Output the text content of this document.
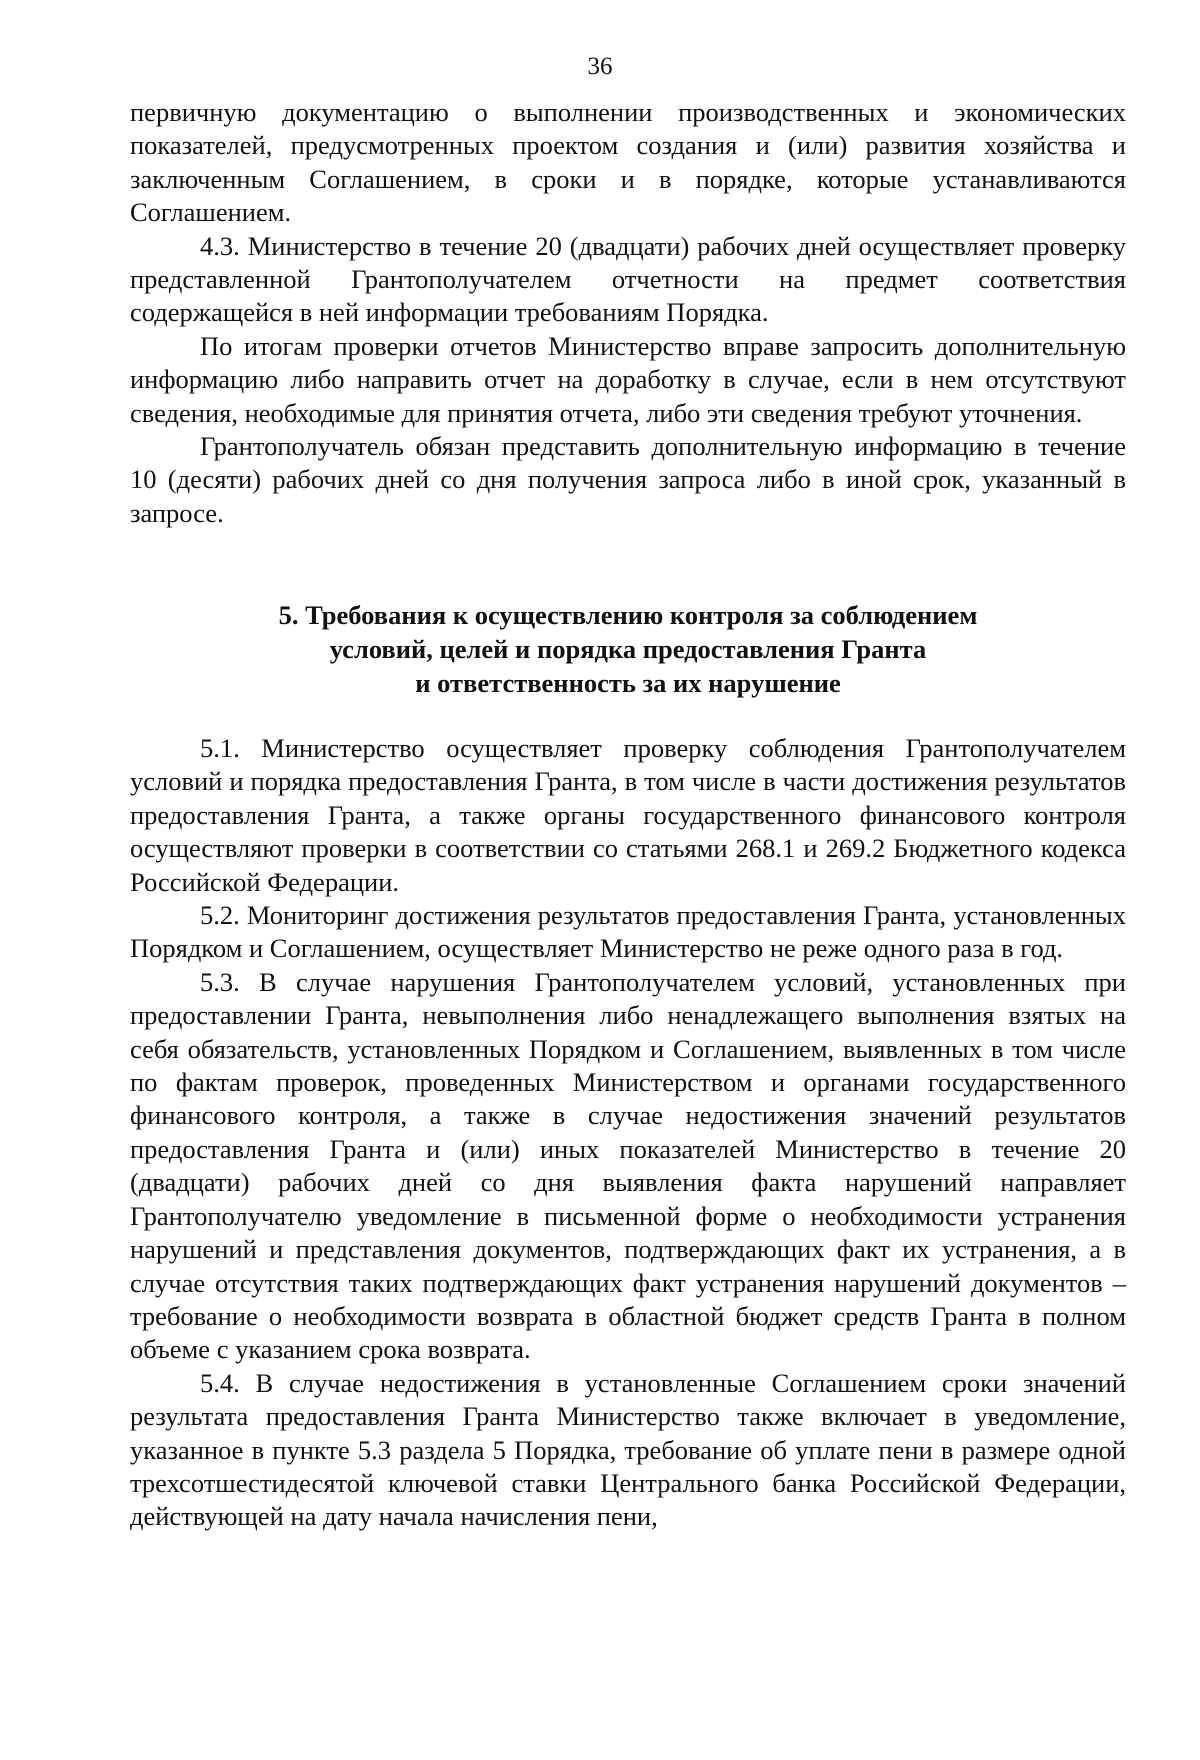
36

первичную документацию о выполнении производственных и экономических показателей, предусмотренных проектом создания и (или) развития хозяйства и заключенным Соглашением, в сроки и в порядке, которые устанавливаются Соглашением.

4.3. Министерство в течение 20 (двадцати) рабочих дней осуществляет проверку представленной Грантополучателем отчетности на предмет соответствия содержащейся в ней информации требованиям Порядка.

По итогам проверки отчетов Министерство вправе запросить дополнительную информацию либо направить отчет на доработку в случае, если в нем отсутствуют сведения, необходимые для принятия отчета, либо эти сведения требуют уточнения.

Грантополучатель обязан представить дополнительную информацию в течение 10 (десяти) рабочих дней со дня получения запроса либо в иной срок, указанный в запросе.

5. Требования к осуществлению контроля за соблюдением
условий, целей и порядка предоставления Гранта
и ответственность за их нарушение

5.1. Министерство осуществляет проверку соблюдения Грантополучателем условий и порядка предоставления Гранта, в том числе в части достижения результатов предоставления Гранта, а также органы государственного финансового контроля осуществляют проверки в соответствии со статьями 268.1 и 269.2 Бюджетного кодекса Российской Федерации.

5.2. Мониторинг достижения результатов предоставления Гранта, установленных Порядком и Соглашением, осуществляет Министерство не реже одного раза в год.

5.3. В случае нарушения Грантополучателем условий, установленных при предоставлении Гранта, невыполнения либо ненадлежащего выполнения взятых на себя обязательств, установленных Порядком и Соглашением, выявленных в том числе по фактам проверок, проведенных Министерством и органами государственного финансового контроля, а также в случае недостижения значений результатов предоставления Гранта и (или) иных показателей Министерство в течение 20 (двадцати) рабочих дней со дня выявления факта нарушений направляет Грантополучателю уведомление в письменной форме о необходимости устранения нарушений и представления документов, подтверждающих факт их устранения, а в случае отсутствия таких подтверждающих факт устранения нарушений документов – требование о необходимости возврата в областной бюджет средств Гранта в полном объеме с указанием срока возврата.

5.4. В случае недостижения в установленные Соглашением сроки значений результата предоставления Гранта Министерство также включает в уведомление, указанное в пункте 5.3 раздела 5 Порядка, требование об уплате пени в размере одной трехсотшестидесятой ключевой ставки Центрального банка Российской Федерации, действующей на дату начала начисления пени,
